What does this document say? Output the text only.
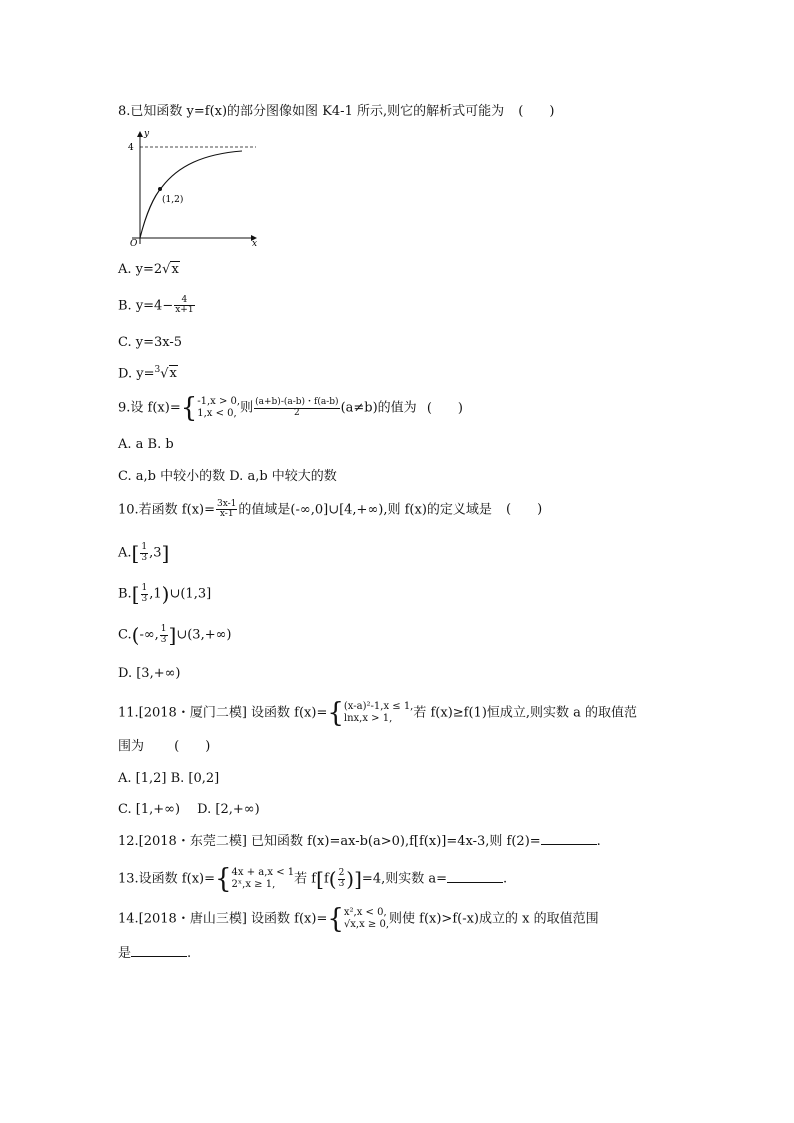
8.已知函数 y=f(x)的部分图像如图 K4-1 所示,则它的解析式可能为 (　　)
(1,2)
y
x
O
4
A. y=2√x
B. $y=4- \frac{4}{x+1}$
C. y=3x-5
D. y=$^3$√x
9.设 f(x)={ -1,x > 0,
1,x < 0, 则 $\frac{(a+b)-(a-b)・f(a-b)}{2} (a\ne b)$的值为 (　　)
A. a B. b
C. a,b 中较小的数 D. a,b 中较大的数
10.若函数 $f(x)= \frac{3x-1}{x-1}$ 的值域是(-∞,0]∪[4,+∞),则 f(x)的定义域是 (　　)
$A.[ \frac{1}{3} ,3]$
$B.[ \frac{1}{3}$ ,1)∪(1,3]
C.(-∞, $\frac{1}{3}$ ]∪(3,+∞)
D. [3,+∞)
11.[2018・厦门二模] 设函数 f(x)={ (x-a)²-1,x ≤ 1,
lnx,x > 1,	若 f(x)≥f(1)恒成立,则实数 a 的取值范
围为 (　　)
A. [1,2] B. [0,2]
C. [1,+∞)　 D. [2,+∞)
12.[2018・东莞二模] 已知函数 f(x)=ax-b(a>0),f[f(x)]=4x-3,则 f(2)=	.
13.设函数 f(x)={ 4x + a,x < 1
2ˣ,x ≥ 1,	若 $f[f( \frac{2}{3} )]=4$,则实数 a=	.
14.[2018・唐山三模] 设函数 f(x)={ x²,x < 0,
√x,x ≥ 0, 则使 f(x)>f(-x)成立的 x 的取值范围
是	.
